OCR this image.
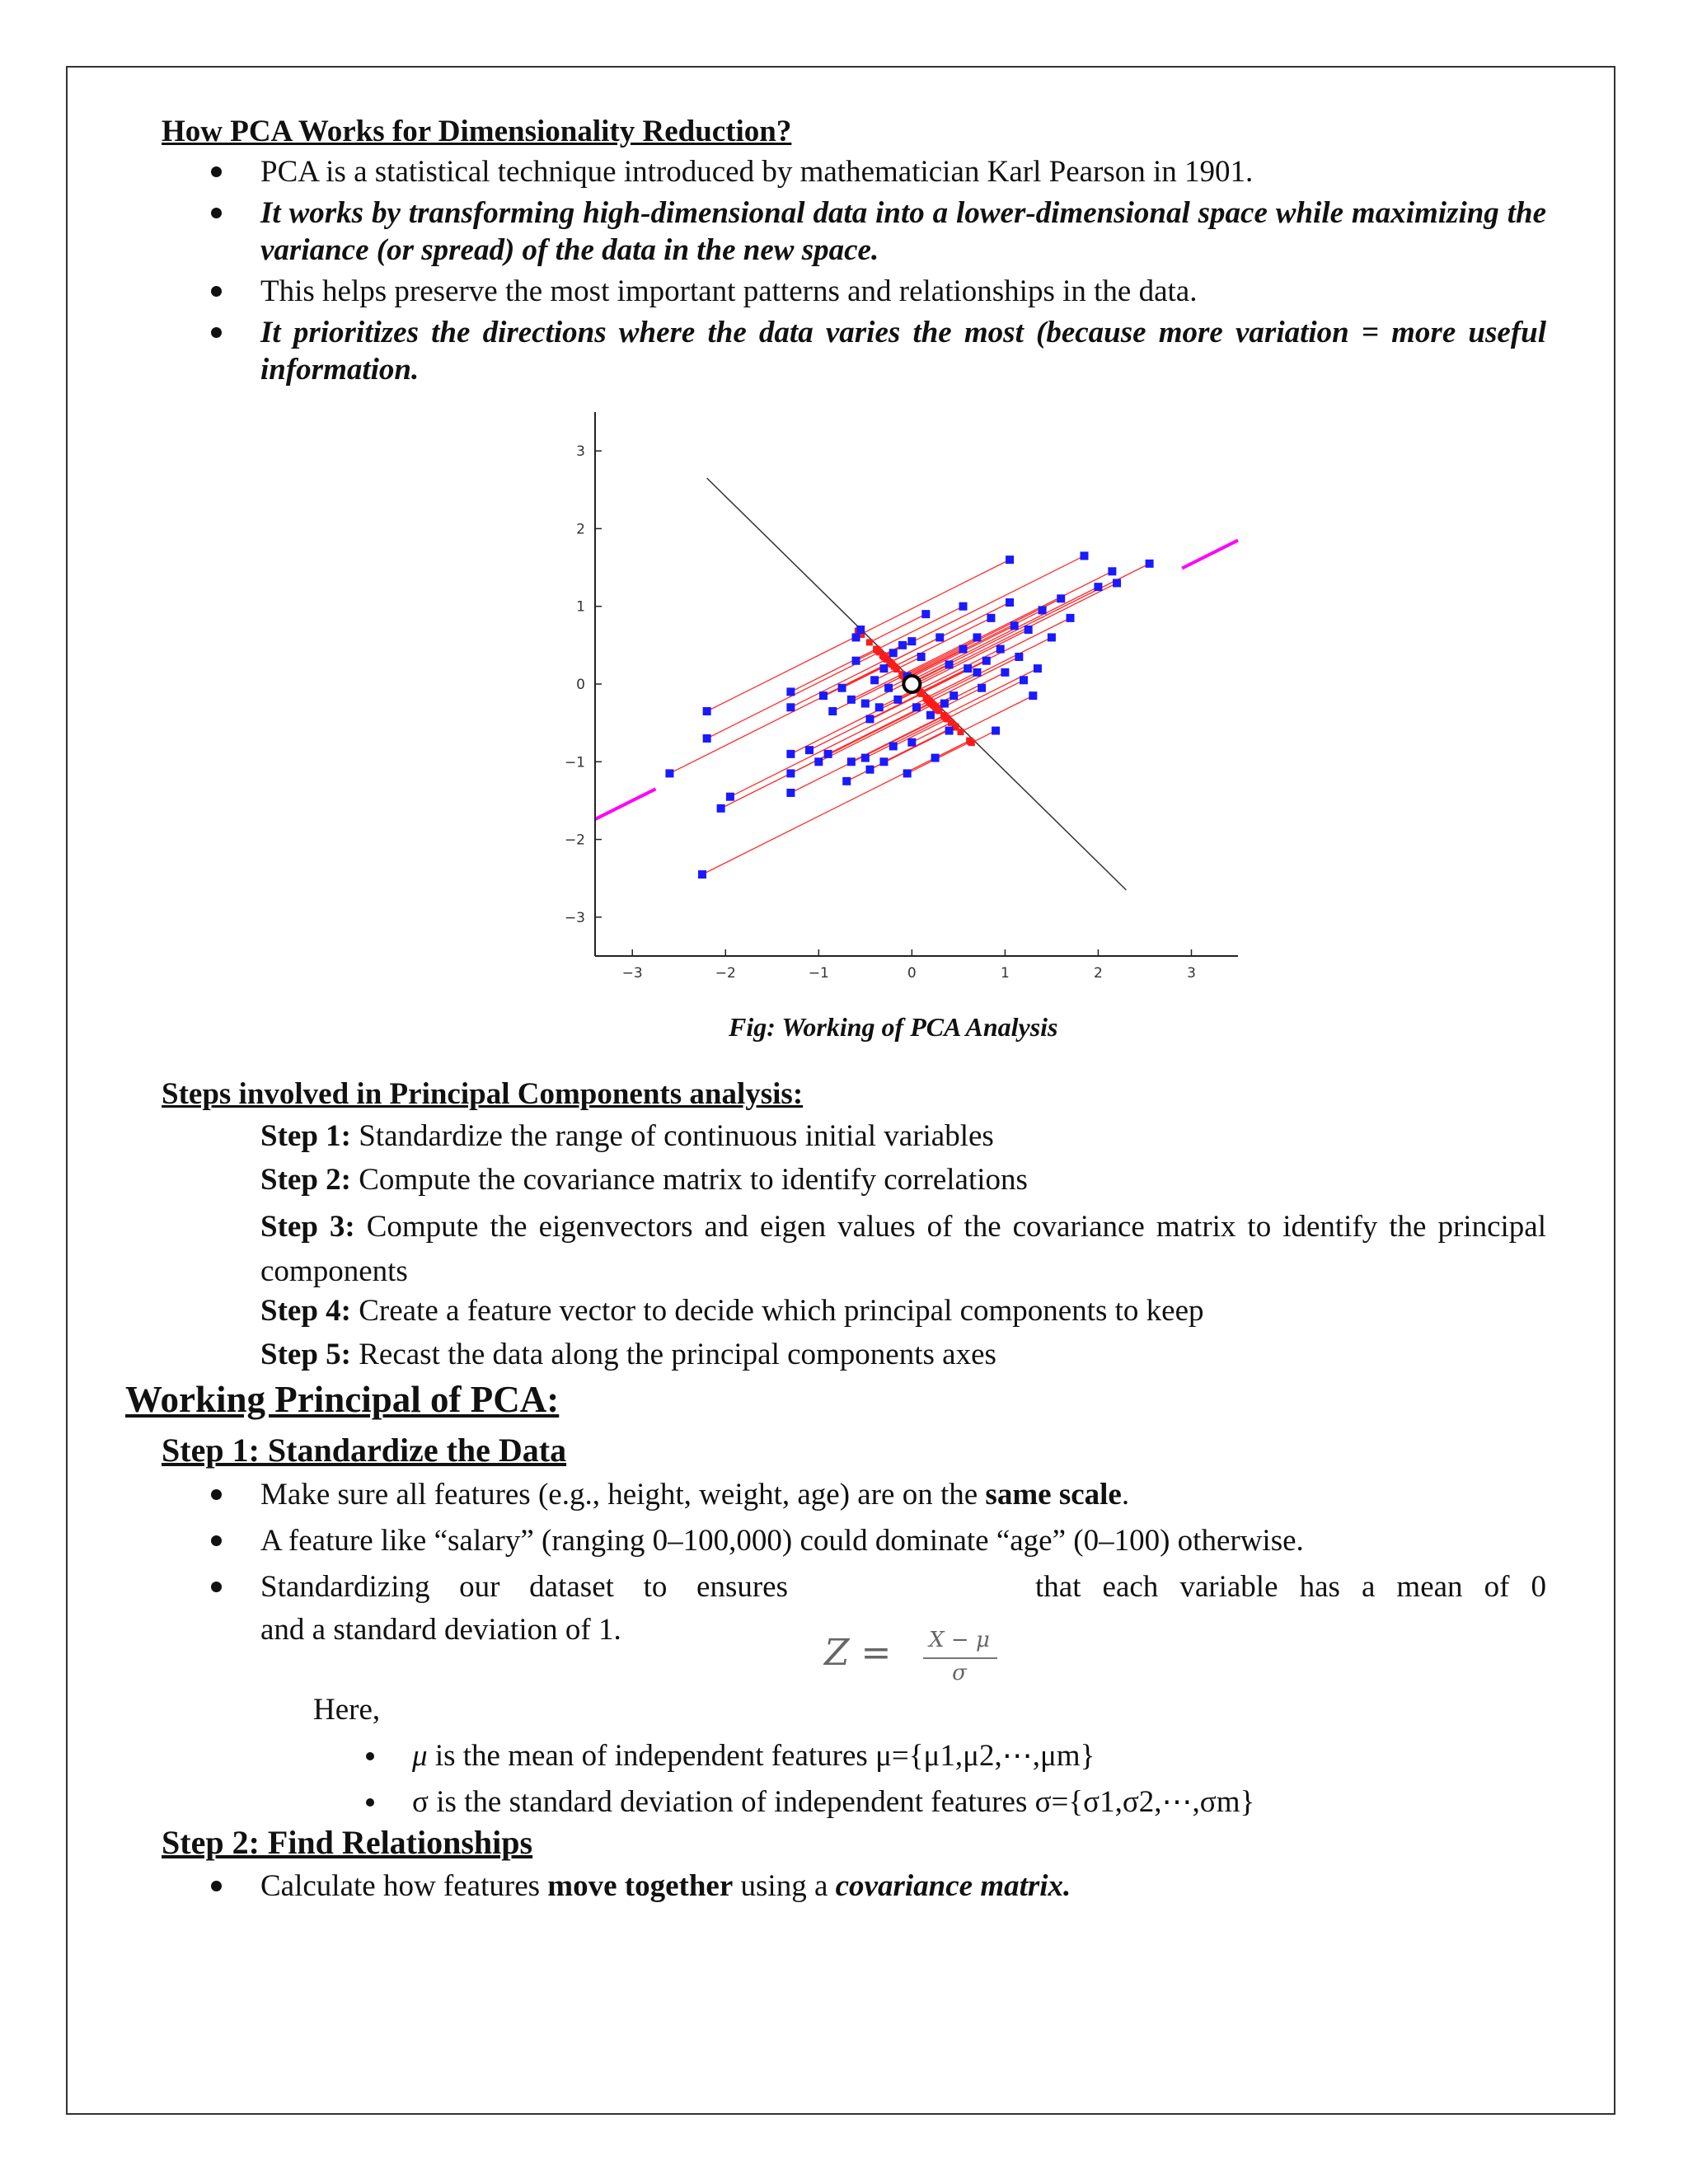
How PCA Works for Dimensionality Reduction?
PCA is a statistical technique introduced by mathematician Karl Pearson in 1901.
It works by transforming high-dimensional data into a lower-dimensional space while maximizing the variance (or spread) of the data in the new space.
This helps preserve the most important patterns and relationships in the data.
It prioritizes the directions where the data varies the most (because more variation = more useful information.
−3	−2	−1	0	1	2	3
3
2
1
0
−1
−2
−3
Fig: Working of PCA Analysis
Steps involved in Principal Components analysis:
Step 1: Standardize the range of continuous initial variables
Step 2: Compute the covariance matrix to identify correlations
Step 3: Compute the eigenvectors and eigen values of the covariance matrix to identify the principal components
Step 4: Create a feature vector to decide which principal components to keep
Step 5: Recast the data along the principal components axes
Working Principal of PCA:
Step 1: Standardize the Data
Make sure all features (e.g., height, weight, age) are on the same scale.
A feature like “salary” (ranging 0–100,000) could dominate “age” (0–100) otherwise.
Standardizing our dataset to ensures	that each variable has a mean of 0
and a standard deviation of 1.
Z =	X − μ
σ
Here,
μ is the mean of independent features μ={μ1,μ2,⋯,μm}
σ is the standard deviation of independent features σ={σ1,σ2,⋯,σm}
Step 2: Find Relationships
Calculate how features move together using a covariance matrix.
